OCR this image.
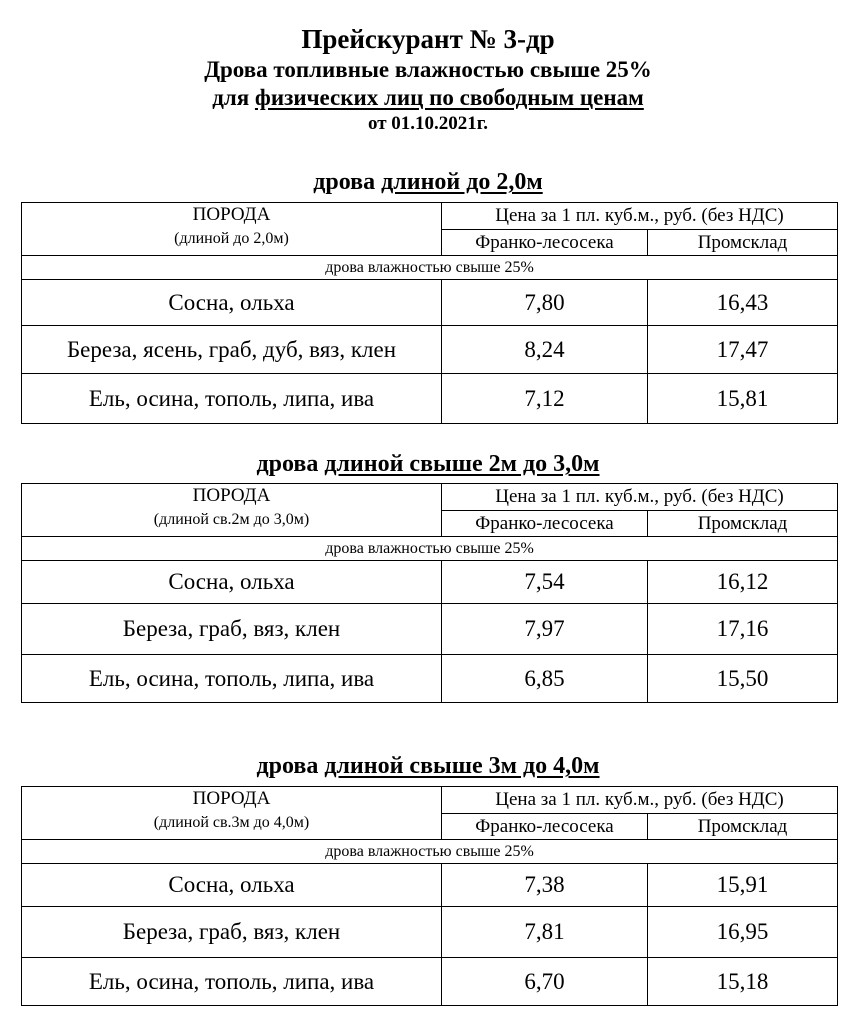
Прейскурант № 3-др
Дрова топливные влажностью свыше 25%
для физических лиц по свободным ценам
от 01.10.2021г.
дрова длиной до 2,0м
ПОРОДА
(длиной до 2,0м)	Цена за 1 пл. куб.м., руб. (без НДС)	
	Франко-лесосека	Промсклад
дрова влажностью свыше 25%		
Сосна, ольха	7,80	16,43
Береза, ясень, граб, дуб, вяз, клен	8,24	17,47
Ель, осина, тополь, липа, ива	7,12	15,81
дрова длиной свыше 2м до 3,0м
ПОРОДА
(длиной св.2м до 3,0м)	Цена за 1 пл. куб.м., руб. (без НДС)	
	Франко-лесосека	Промсклад
дрова влажностью свыше 25%		
Сосна, ольха	7,54	16,12
Береза, граб, вяз, клен	7,97	17,16
Ель, осина, тополь, липа, ива	6,85	15,50
дрова длиной свыше 3м до 4,0м
ПОРОДА
(длиной св.3м до 4,0м)	Цена за 1 пл. куб.м., руб. (без НДС)	
	Франко-лесосека	Промсклад
дрова влажностью свыше 25%		
Сосна, ольха	7,38	15,91
Береза, граб, вяз, клен	7,81	16,95
Ель, осина, тополь, липа, ива	6,70	15,18
